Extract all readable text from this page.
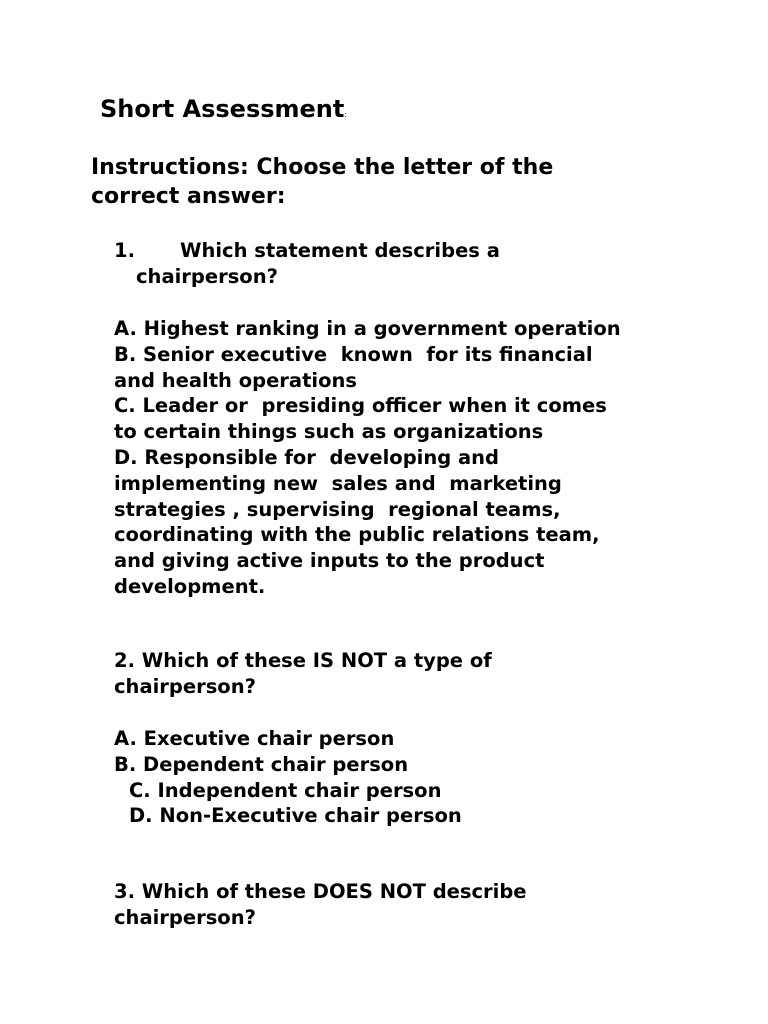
Short Assessment:
Instructions: Choose the letter of the
correct answer:
1. Which statement describes a
chairperson?
A. Highest ranking in a government operation
B. Senior executive  known  for its financial
and health operations
C. Leader or  presiding officer when it comes
to certain things such as organizations
D. Responsible for  developing and
implementing new  sales and  marketing
strategies , supervising  regional teams,
coordinating with the public relations team,
and giving active inputs to the product
development.
2. Which of these IS NOT a type of
chairperson?
A. Executive chair person
B. Dependent chair person
C. Independent chair person
D. Non-Executive chair person
3. Which of these DOES NOT describe
chairperson?
